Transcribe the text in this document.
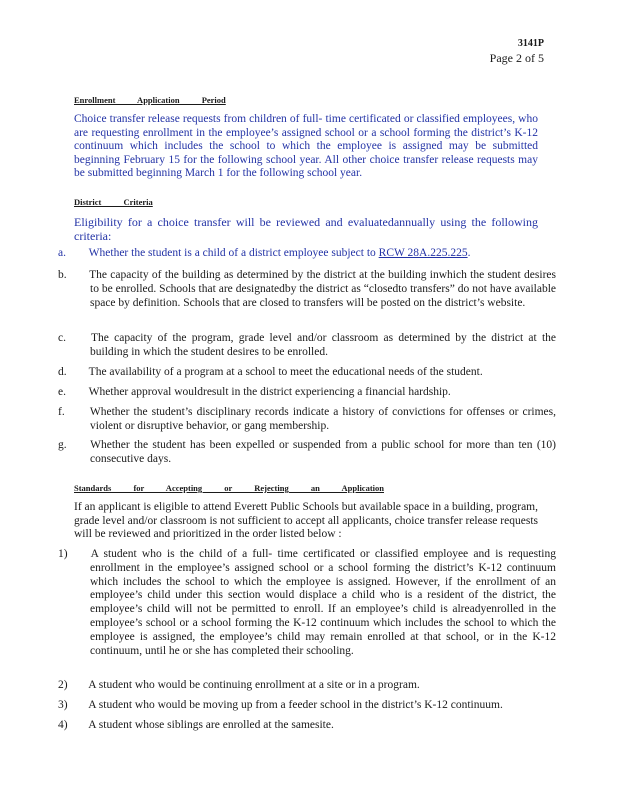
3141P
Page 2 of 5
Enrollment Application Period
Choice transfer release requests from children of full- time certificated or classified employees, who are requesting enrollment in the employee’s assigned school or a school forming the district’s K-12 continuum which includes the school to which the employee is assigned may be submitted beginning February 15 for the following school year. All other choice transfer release requests may be submitted beginning March 1 for the following school year.
District Criteria
Eligibility for a choice transfer will be reviewed and evaluatedannually using the following criteria:
a. Whether the student is a child of a district employee subject to RCW 28A.225.225.
b. The capacity of the building as determined by the district at the building inwhich the student desires to be enrolled. Schools that are designatedby the district as “closedto transfers” do not have available space by definition. Schools that are closed to transfers will be posted on the district’s website.
c. The capacity of the program, grade level and/or classroom as determined by the district at the building in which the student desires to be enrolled.
d. The availability of a program at a school to meet the educational needs of the student.
e. Whether approval wouldresult in the district experiencing a financial hardship.
f. Whether the student’s disciplinary records indicate a history of convictions for offenses or crimes, violent or disruptive behavior, or gang membership.
g. Whether the student has been expelled or suspended from a public school for more than ten (10) consecutive days.
Standards for Accepting or Rejecting an Application
If an applicant is eligible to attend Everett Public Schools but available space in a building, program, grade level and/or classroom is not sufficient to accept all applicants, choice transfer release requests will be reviewed and prioritized in the order listed below :
1) A student who is the child of a full- time certificated or classified employee and is requesting enrollment in the employee’s assigned school or a school forming the district’s K-12 continuum which includes the school to which the employee is assigned. However, if the enrollment of an employee’s child under this section would displace a child who is a resident of the district, the employee’s child will not be permitted to enroll. If an employee’s child is alreadyenrolled in the employee’s school or a school forming the K-12 continuum which includes the school to which the employee is assigned, the employee’s child may remain enrolled at that school, or in the K-12 continuum, until he or she has completed their schooling.
2) A student who would be continuing enrollment at a site or in a program.
3) A student who would be moving up from a feeder school in the district’s K-12 continuum.
4) A student whose siblings are enrolled at the samesite.
